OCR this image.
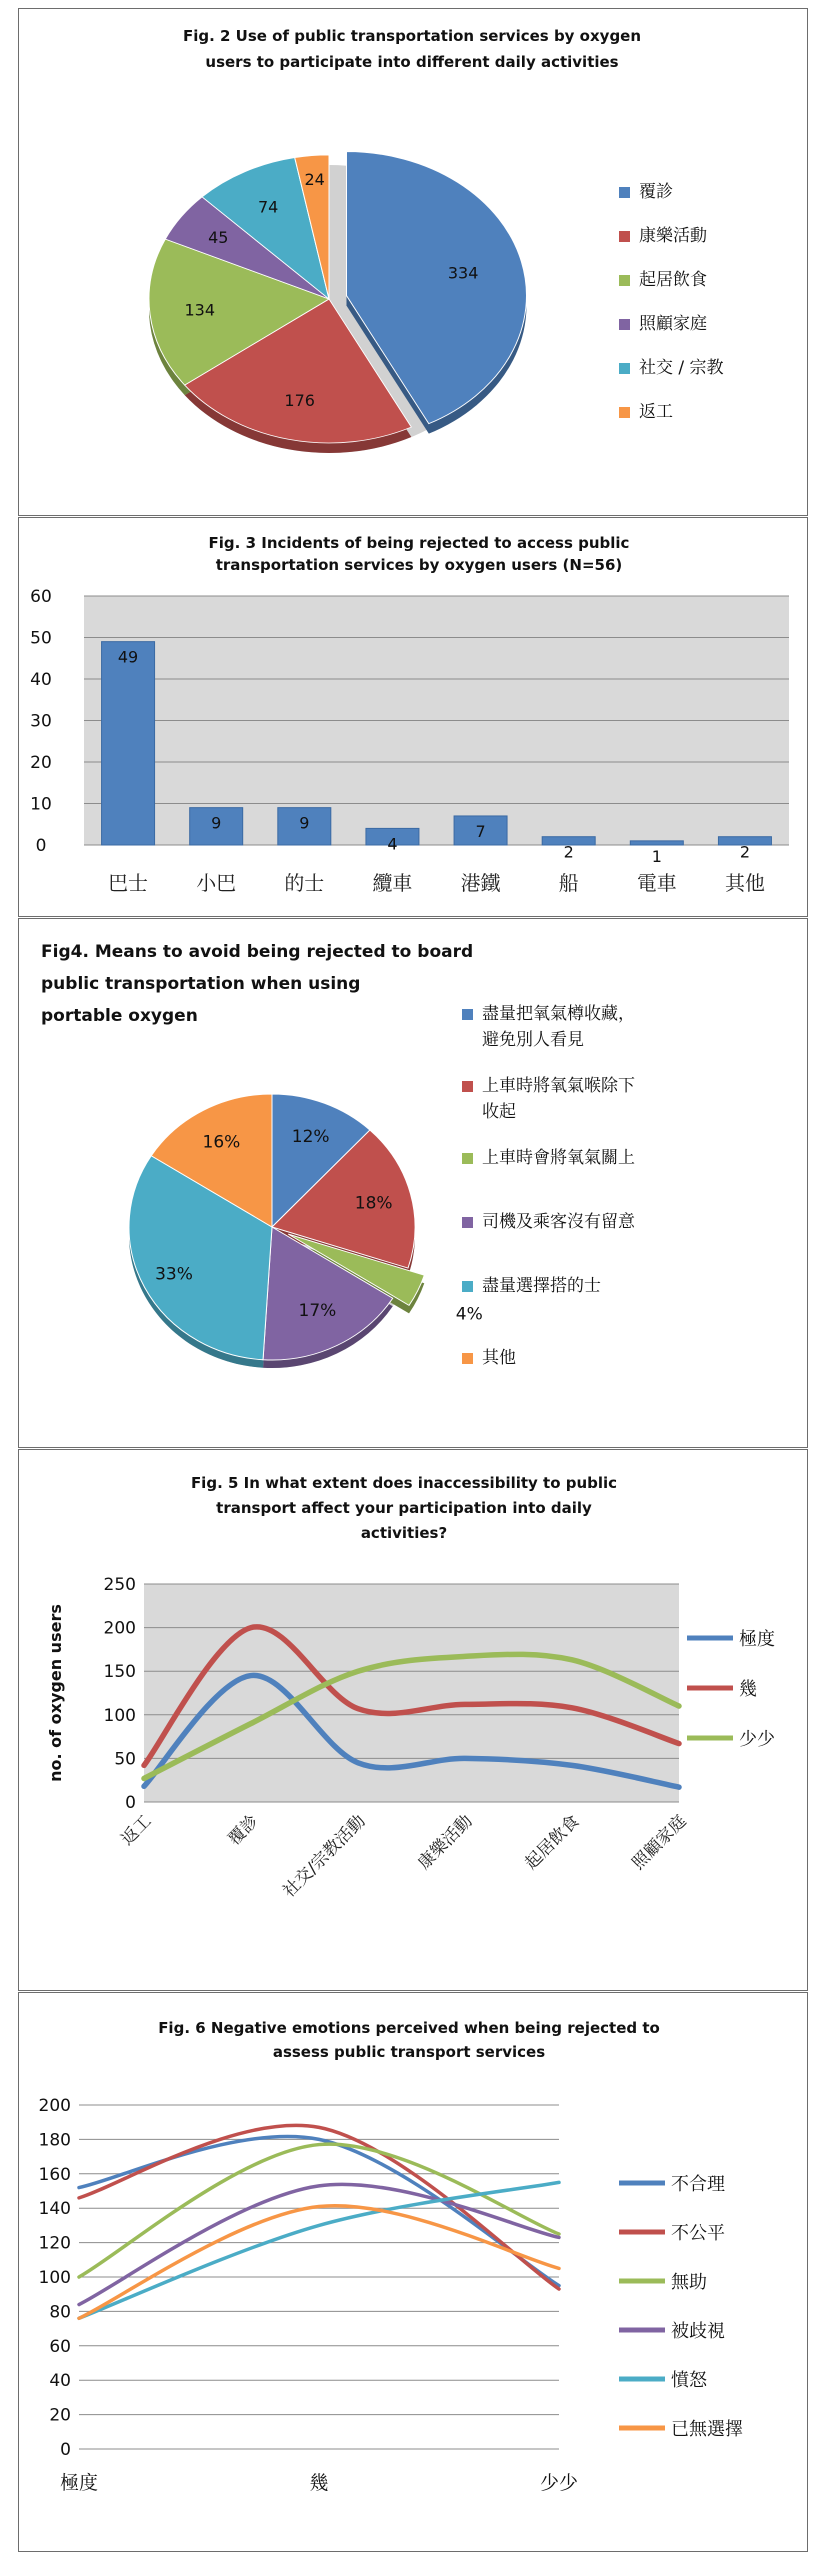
Fig. 2 Use of public transportation services by oxygen
users to participate into different daily activities
334
176
134
45
74
24
覆診
康樂活動
起居飲食
照顧家庭
社交 / 宗教
返工
Fig. 3 Incidents of being rejected to access public
transportation services by oxygen users (N=56)
0
10
20
30
40
50
60
49
巴士
9
小巴
9
的士
4
纜車
7
港鐵
2
船
1
電車
2
其他
Fig4. Means to avoid being rejected to board
public transportation when using
portable oxygen
12%
18%
4%
17%
33%
16%
盡量把氧氣樽收藏，
避免別人看見
上車時將氧氣喉除下
收起
上車時會將氧氣關上
司機及乘客沒有留意
盡量選擇搭的士
其他
Fig. 5 In what extent does inaccessibility to public
transport affect your participation into daily
activities?
0
50
100
150
200
250
no. of oxygen users
返工	覆診 社交/宗教活動	康樂活動	起居飲食	照顧家庭
極度
幾
少少
Fig. 6 Negative emotions perceived when being rejected to
assess public transport services
0
20
40
60
80
100
120
140
160
180
200
極度	幾	少少
不合理
不公平
無助
被歧視
憤怒
已無選擇
